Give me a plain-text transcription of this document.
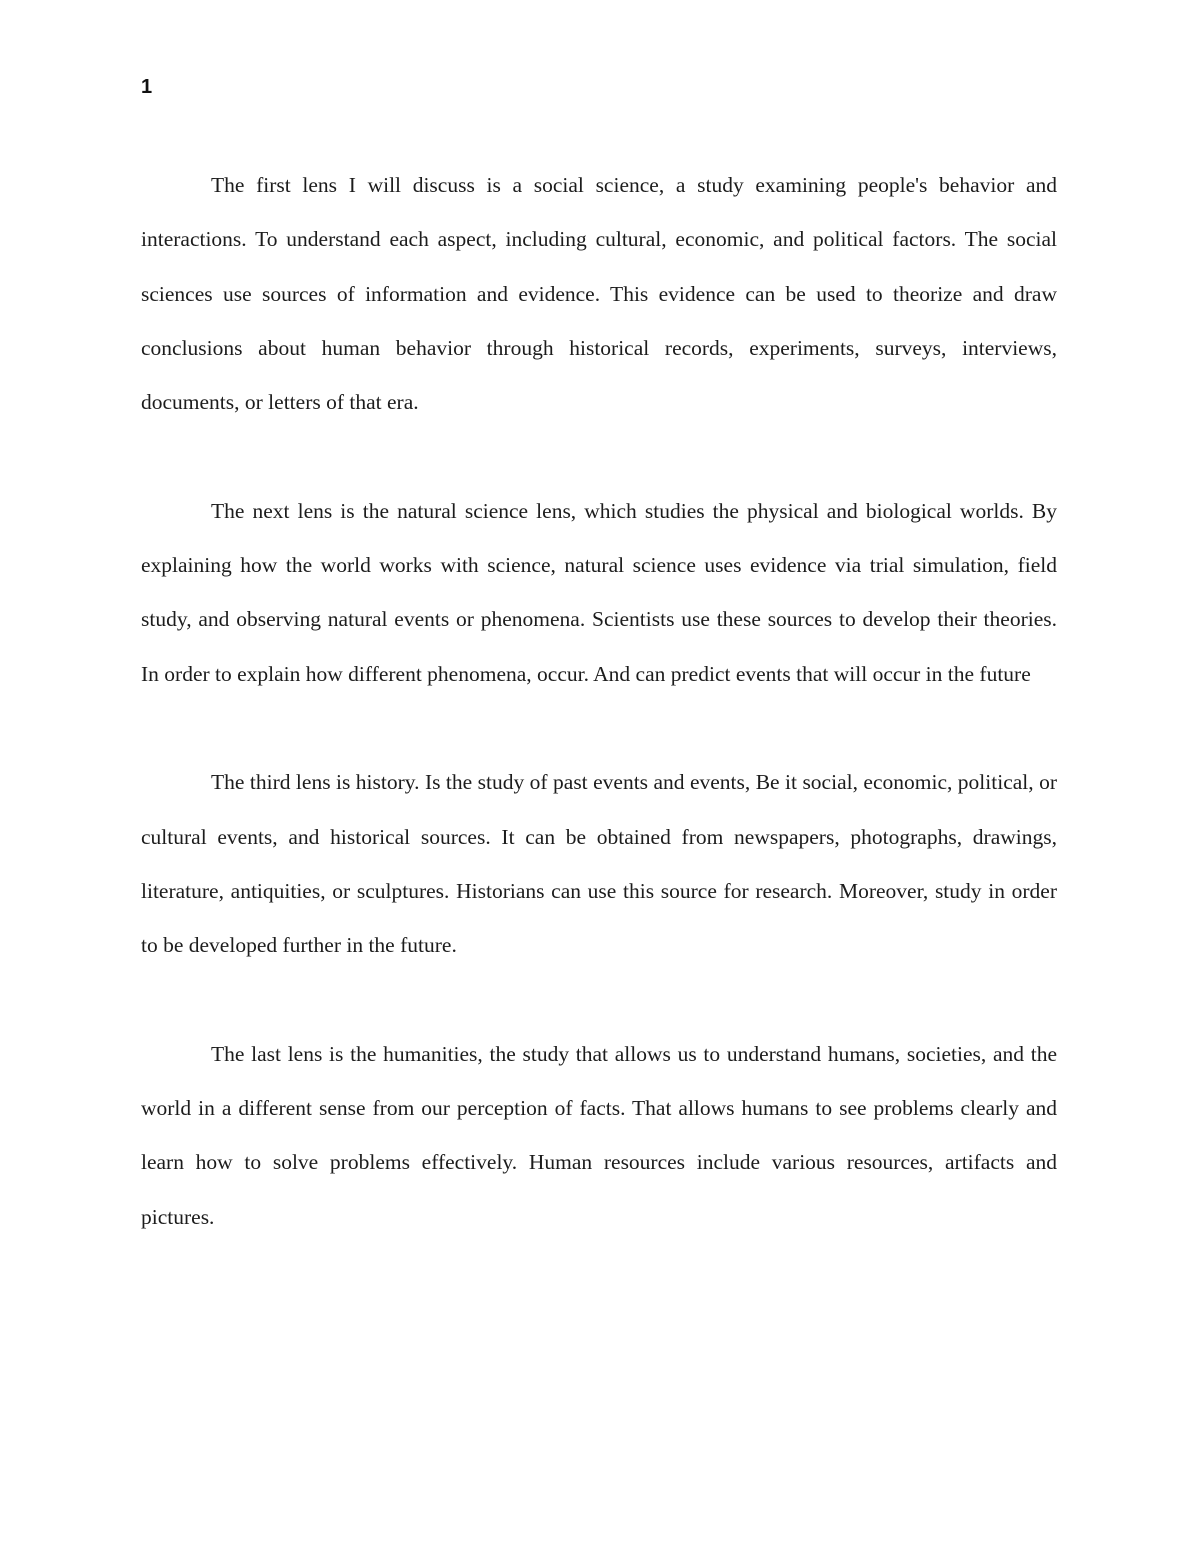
1

The first lens I will discuss is a social science, a study examining people's behavior and interactions. To understand each aspect, including cultural, economic, and political factors. The social sciences use sources of information and evidence. This evidence can be used to theorize and draw conclusions about human behavior through historical records, experiments, surveys, interviews, documents, or letters of that era.

The next lens is the natural science lens, which studies the physical and biological worlds. By explaining how the world works with science, natural science uses evidence via trial simulation, field study, and observing natural events or phenomena. Scientists use these sources to develop their theories. In order to explain how different phenomena, occur. And can predict events that will occur in the future

The third lens is history. Is the study of past events and events, Be it social, economic, political, or cultural events, and historical sources. It can be obtained from newspapers, photographs, drawings, literature, antiquities, or sculptures. Historians can use this source for research. Moreover, study in order to be developed further in the future.

The last lens is the humanities, the study that allows us to understand humans, societies, and the world in a different sense from our perception of facts. That allows humans to see problems clearly and learn how to solve problems effectively. Human resources include various resources, artifacts and pictures.
